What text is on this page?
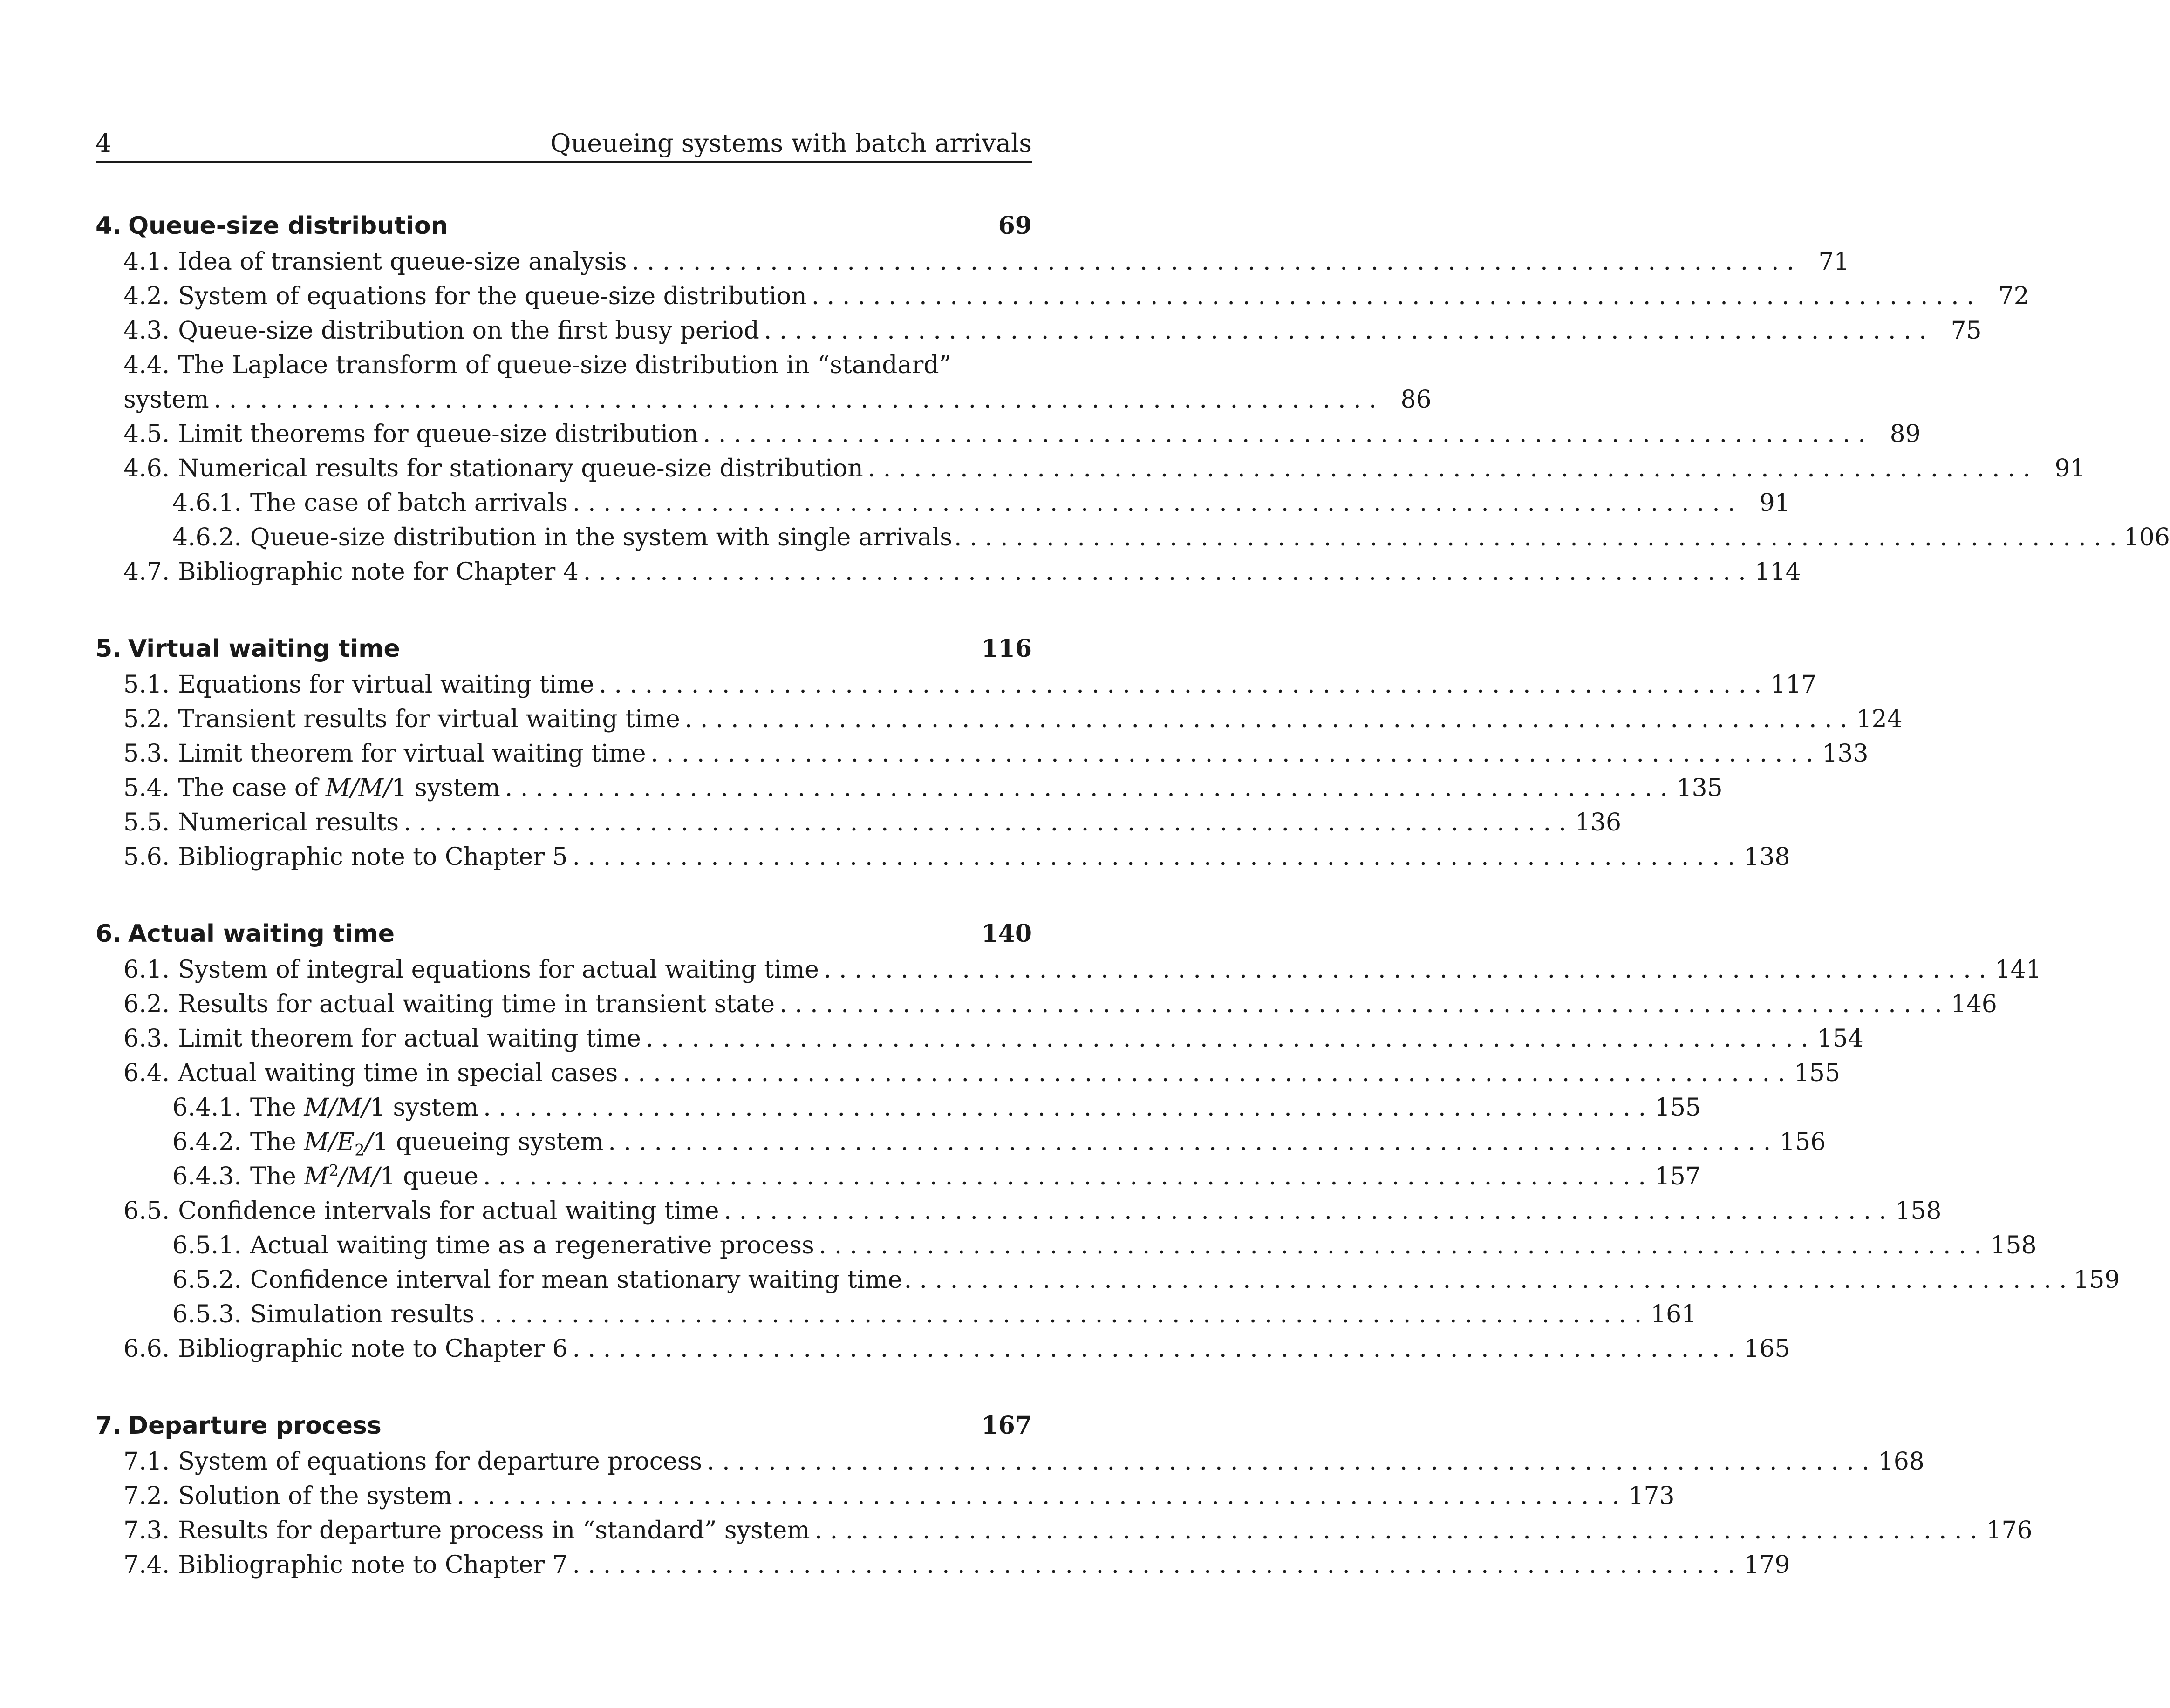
4	Queueing systems with batch arrivals
4. Queue-size distribution	69
4.1. Idea of transient queue-size analysis . . .	71
4.2. System of equations for the queue-size distribution . . .	72
4.3. Queue-size distribution on the first busy period . . .	75
4.4. The Laplace transform of queue-size distribution in “standard”
system . . .	86
4.5. Limit theorems for queue-size distribution . . .	89
4.6. Numerical results for stationary queue-size distribution . . .	91
4.6.1. The case of batch arrivals . . .	91
4.6.2. Queue-size distribution in the system with single arrivals . . .	106
4.7. Bibliographic note for Chapter 4 . . .	114
5. Virtual waiting time	116
5.1. Equations for virtual waiting time . . .	117
5.2. Transient results for virtual waiting time . . .	124
5.3. Limit theorem for virtual waiting time . . .	133
5.4. The case of M/M/1 system . . .	135
5.5. Numerical results . . .	136
5.6. Bibliographic note to Chapter 5 . . .	138
6. Actual waiting time	140
6.1. System of integral equations for actual waiting time . . .	141
6.2. Results for actual waiting time in transient state . . .	146
6.3. Limit theorem for actual waiting time . . .	154
6.4. Actual waiting time in special cases . . .	155
6.4.1. The M/M/1 system . . .	155
6.4.2. The $M/E_2/1$ queueing system . . .	156
6.4.3. The $M^2/M/1$ queue . . .	157
6.5. Confidence intervals for actual waiting time . . .	158
6.5.1. Actual waiting time as a regenerative process . . .	158
6.5.2. Confidence interval for mean stationary waiting time . . .	159
6.5.3. Simulation results . . .	161
6.6. Bibliographic note to Chapter 6 . . .	165
7. Departure process	167
7.1. System of equations for departure process . . .	168
7.2. Solution of the system . . .	173
7.3. Results for departure process in “standard” system . . .	176
7.4. Bibliographic note to Chapter 7 . . .	179
